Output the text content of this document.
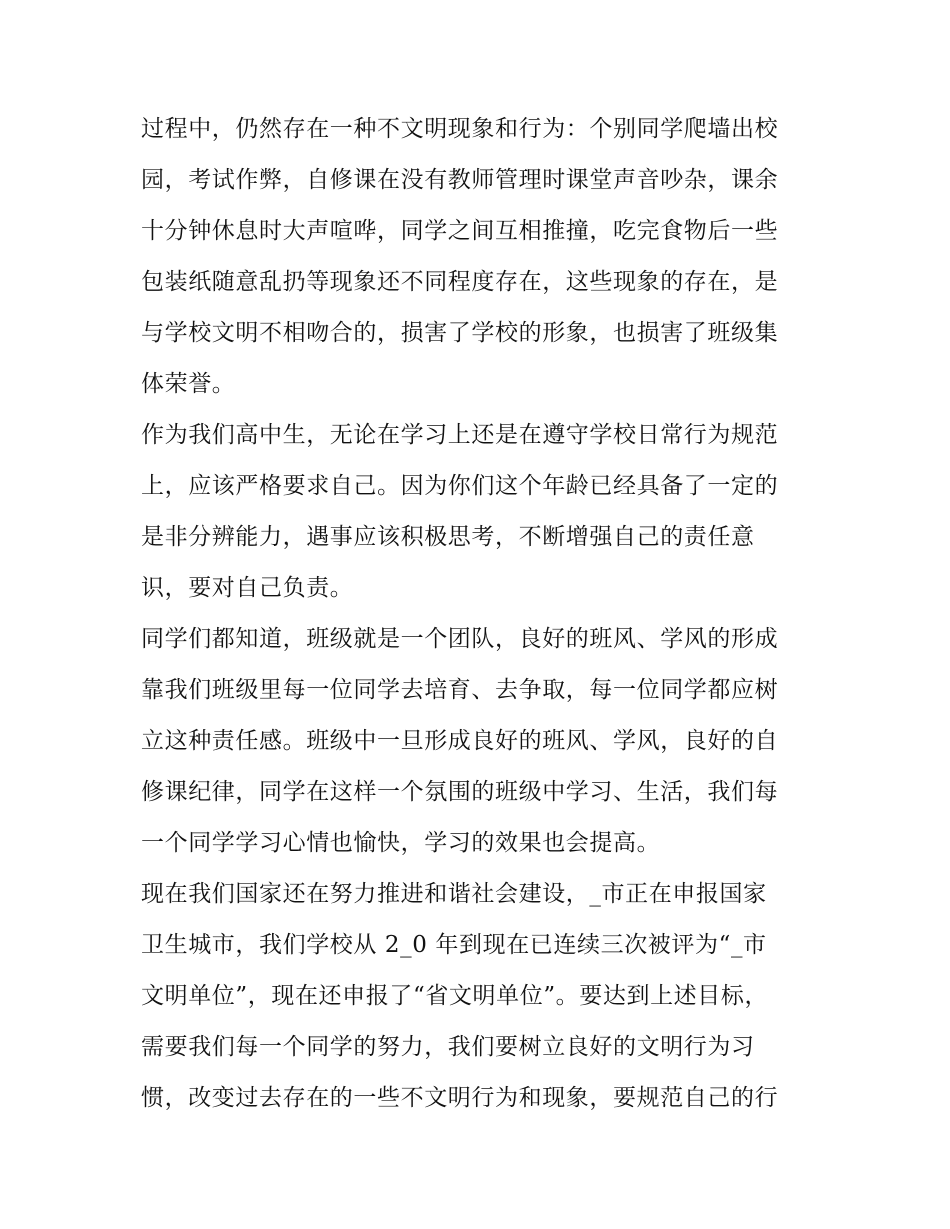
过程中，仍然存在一种不文明现象和行为：个别同学爬墙出校
园，考试作弊，自修课在没有教师管理时课堂声音吵杂，课余
十分钟休息时大声喧哗，同学之间互相推撞，吃完食物后一些
包装纸随意乱扔等现象还不同程度存在，这些现象的存在，是
与学校文明不相吻合的，损害了学校的形象，也损害了班级集
体荣誉。

作为我们高中生，无论在学习上还是在遵守学校日常行为规范
上，应该严格要求自己。因为你们这个年龄已经具备了一定的
是非分辨能力，遇事应该积极思考，不断增强自己的责任意
识，要对自己负责。

同学们都知道，班级就是一个团队，良好的班风、学风的形成
靠我们班级里每一位同学去培育、去争取，每一位同学都应树
立这种责任感。班级中一旦形成良好的班风、学风，良好的自
修课纪律，同学在这样一个氛围的班级中学习、生活，我们每
一个同学学习心情也愉快，学习的效果也会提高。

现在我们国家还在努力推进和谐社会建设，_市正在申报国家
卫生城市，我们学校从 2_0 年到现在已连续三次被评为“_市
文明单位”，现在还申报了“省文明单位”。要达到上述目标，
需要我们每一个同学的努力，我们要树立良好的文明行为习
惯，改变过去存在的一些不文明行为和现象，要规范自己的行
